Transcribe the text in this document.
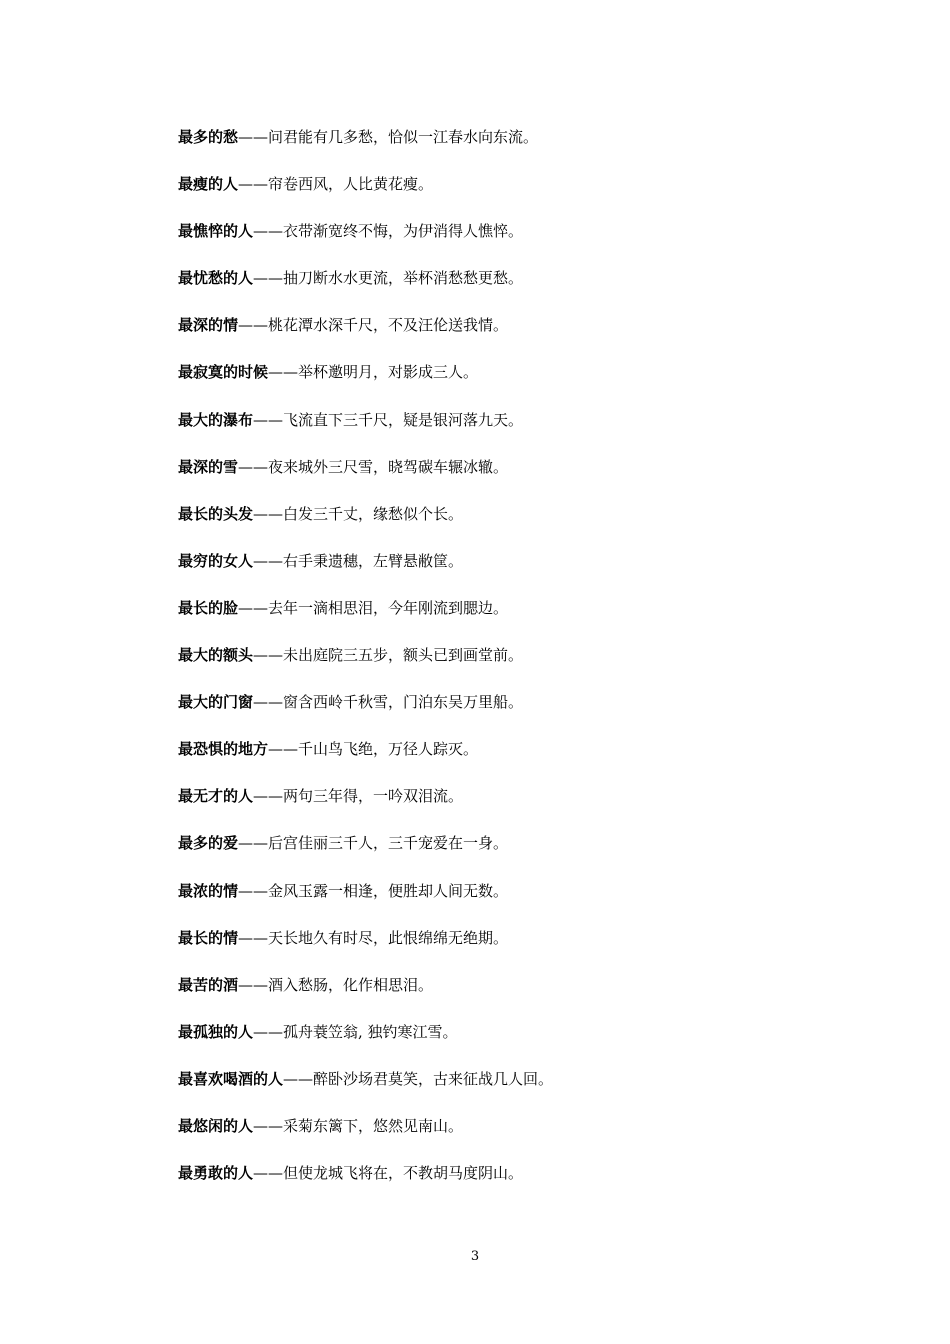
最多的愁——问君能有几多愁，恰似一江春水向东流。
最瘦的人——帘卷西风，人比黄花瘦。
最憔悴的人——衣带渐宽终不悔，为伊消得人憔悴。
最忧愁的人——抽刀断水水更流，举杯消愁愁更愁。
最深的情——桃花潭水深千尺，不及汪伦送我情。
最寂寞的时候——举杯邀明月，对影成三人。
最大的瀑布——飞流直下三千尺，疑是银河落九天。
最深的雪——夜来城外三尺雪，晓驾碳车辗冰辙。
最长的头发——白发三千丈，缘愁似个长。
最穷的女人——右手秉遗穗，左臂悬敝筐。
最长的脸——去年一滴相思泪，今年刚流到腮边。
最大的额头——未出庭院三五步，额头已到画堂前。
最大的门窗——窗含西岭千秋雪，门泊东吴万里船。
最恐惧的地方——千山鸟飞绝，万径人踪灭。
最无才的人——两句三年得，一吟双泪流。
最多的爱——后宫佳丽三千人，三千宠爱在一身。
最浓的情——金风玉露一相逢，便胜却人间无数。
最长的情——天长地久有时尽，此恨绵绵无绝期。
最苦的酒——酒入愁肠，化作相思泪。
最孤独的人——孤舟蓑笠翁, 独钓寒江雪。
最喜欢喝酒的人——醉卧沙场君莫笑，古来征战几人回。
最悠闲的人——采菊东篱下，悠然见南山。
最勇敢的人——但使龙城飞将在，不教胡马度阴山。
3
